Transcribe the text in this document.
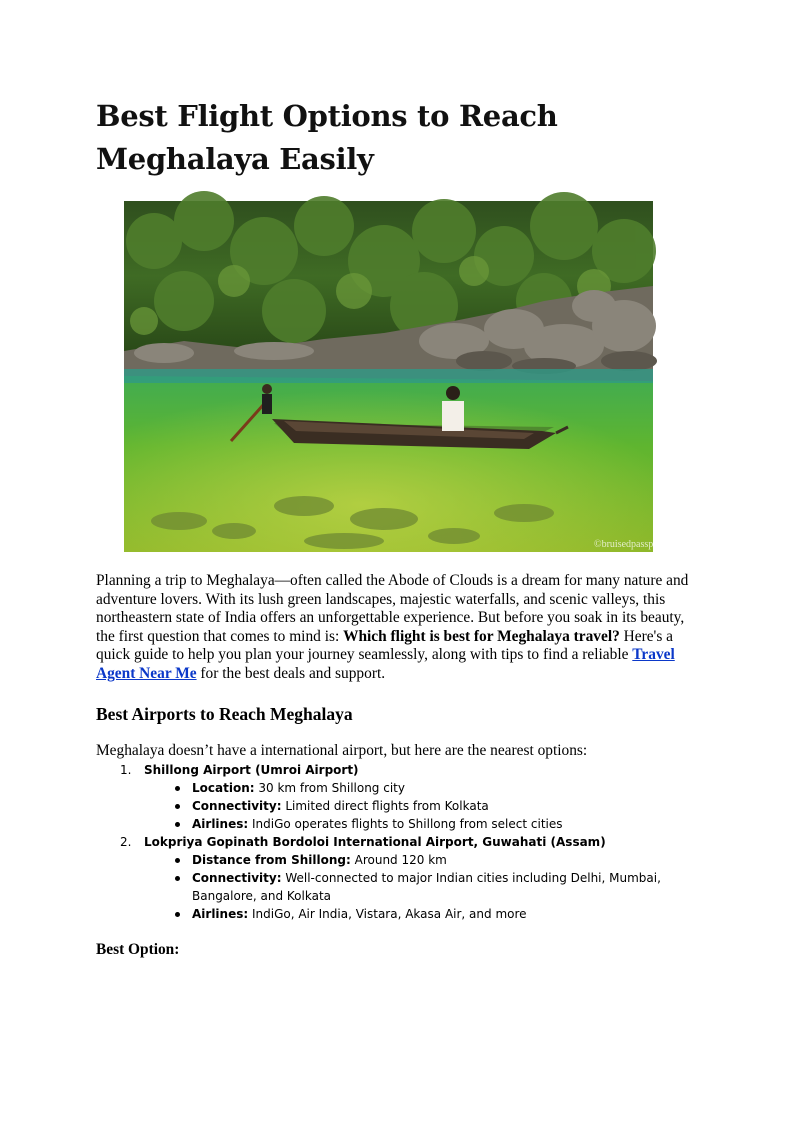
Best Flight Options to Reach Meghalaya Easily
©bruisedpassports

Planning a trip to Meghalaya—often called the Abode of Clouds is a dream for many nature and adventure lovers. With its lush green landscapes, majestic waterfalls, and scenic valleys, this northeastern state of India offers an unforgettable experience. But before you soak in its beauty, the first question that comes to mind is: Which flight is best for Meghalaya travel? Here's a quick guide to help you plan your journey seamlessly, along with tips to find a reliable Travel Agent Near Me for the best deals and support.

Best Airports to Reach Meghalaya

Meghalaya doesn’t have a international airport, but here are the nearest options:

1. Shillong Airport (Umroi Airport)
Location: 30 km from Shillong city
Connectivity: Limited direct flights from Kolkata
Airlines: IndiGo operates flights to Shillong from select cities
2. Lokpriya Gopinath Bordoloi International Airport, Guwahati (Assam)
Distance from Shillong: Around 120 km
Connectivity: Well-connected to major Indian cities including Delhi, Mumbai, Bangalore, and Kolkata
Airlines: IndiGo, Air India, Vistara, Akasa Air, and more

Best Option:
